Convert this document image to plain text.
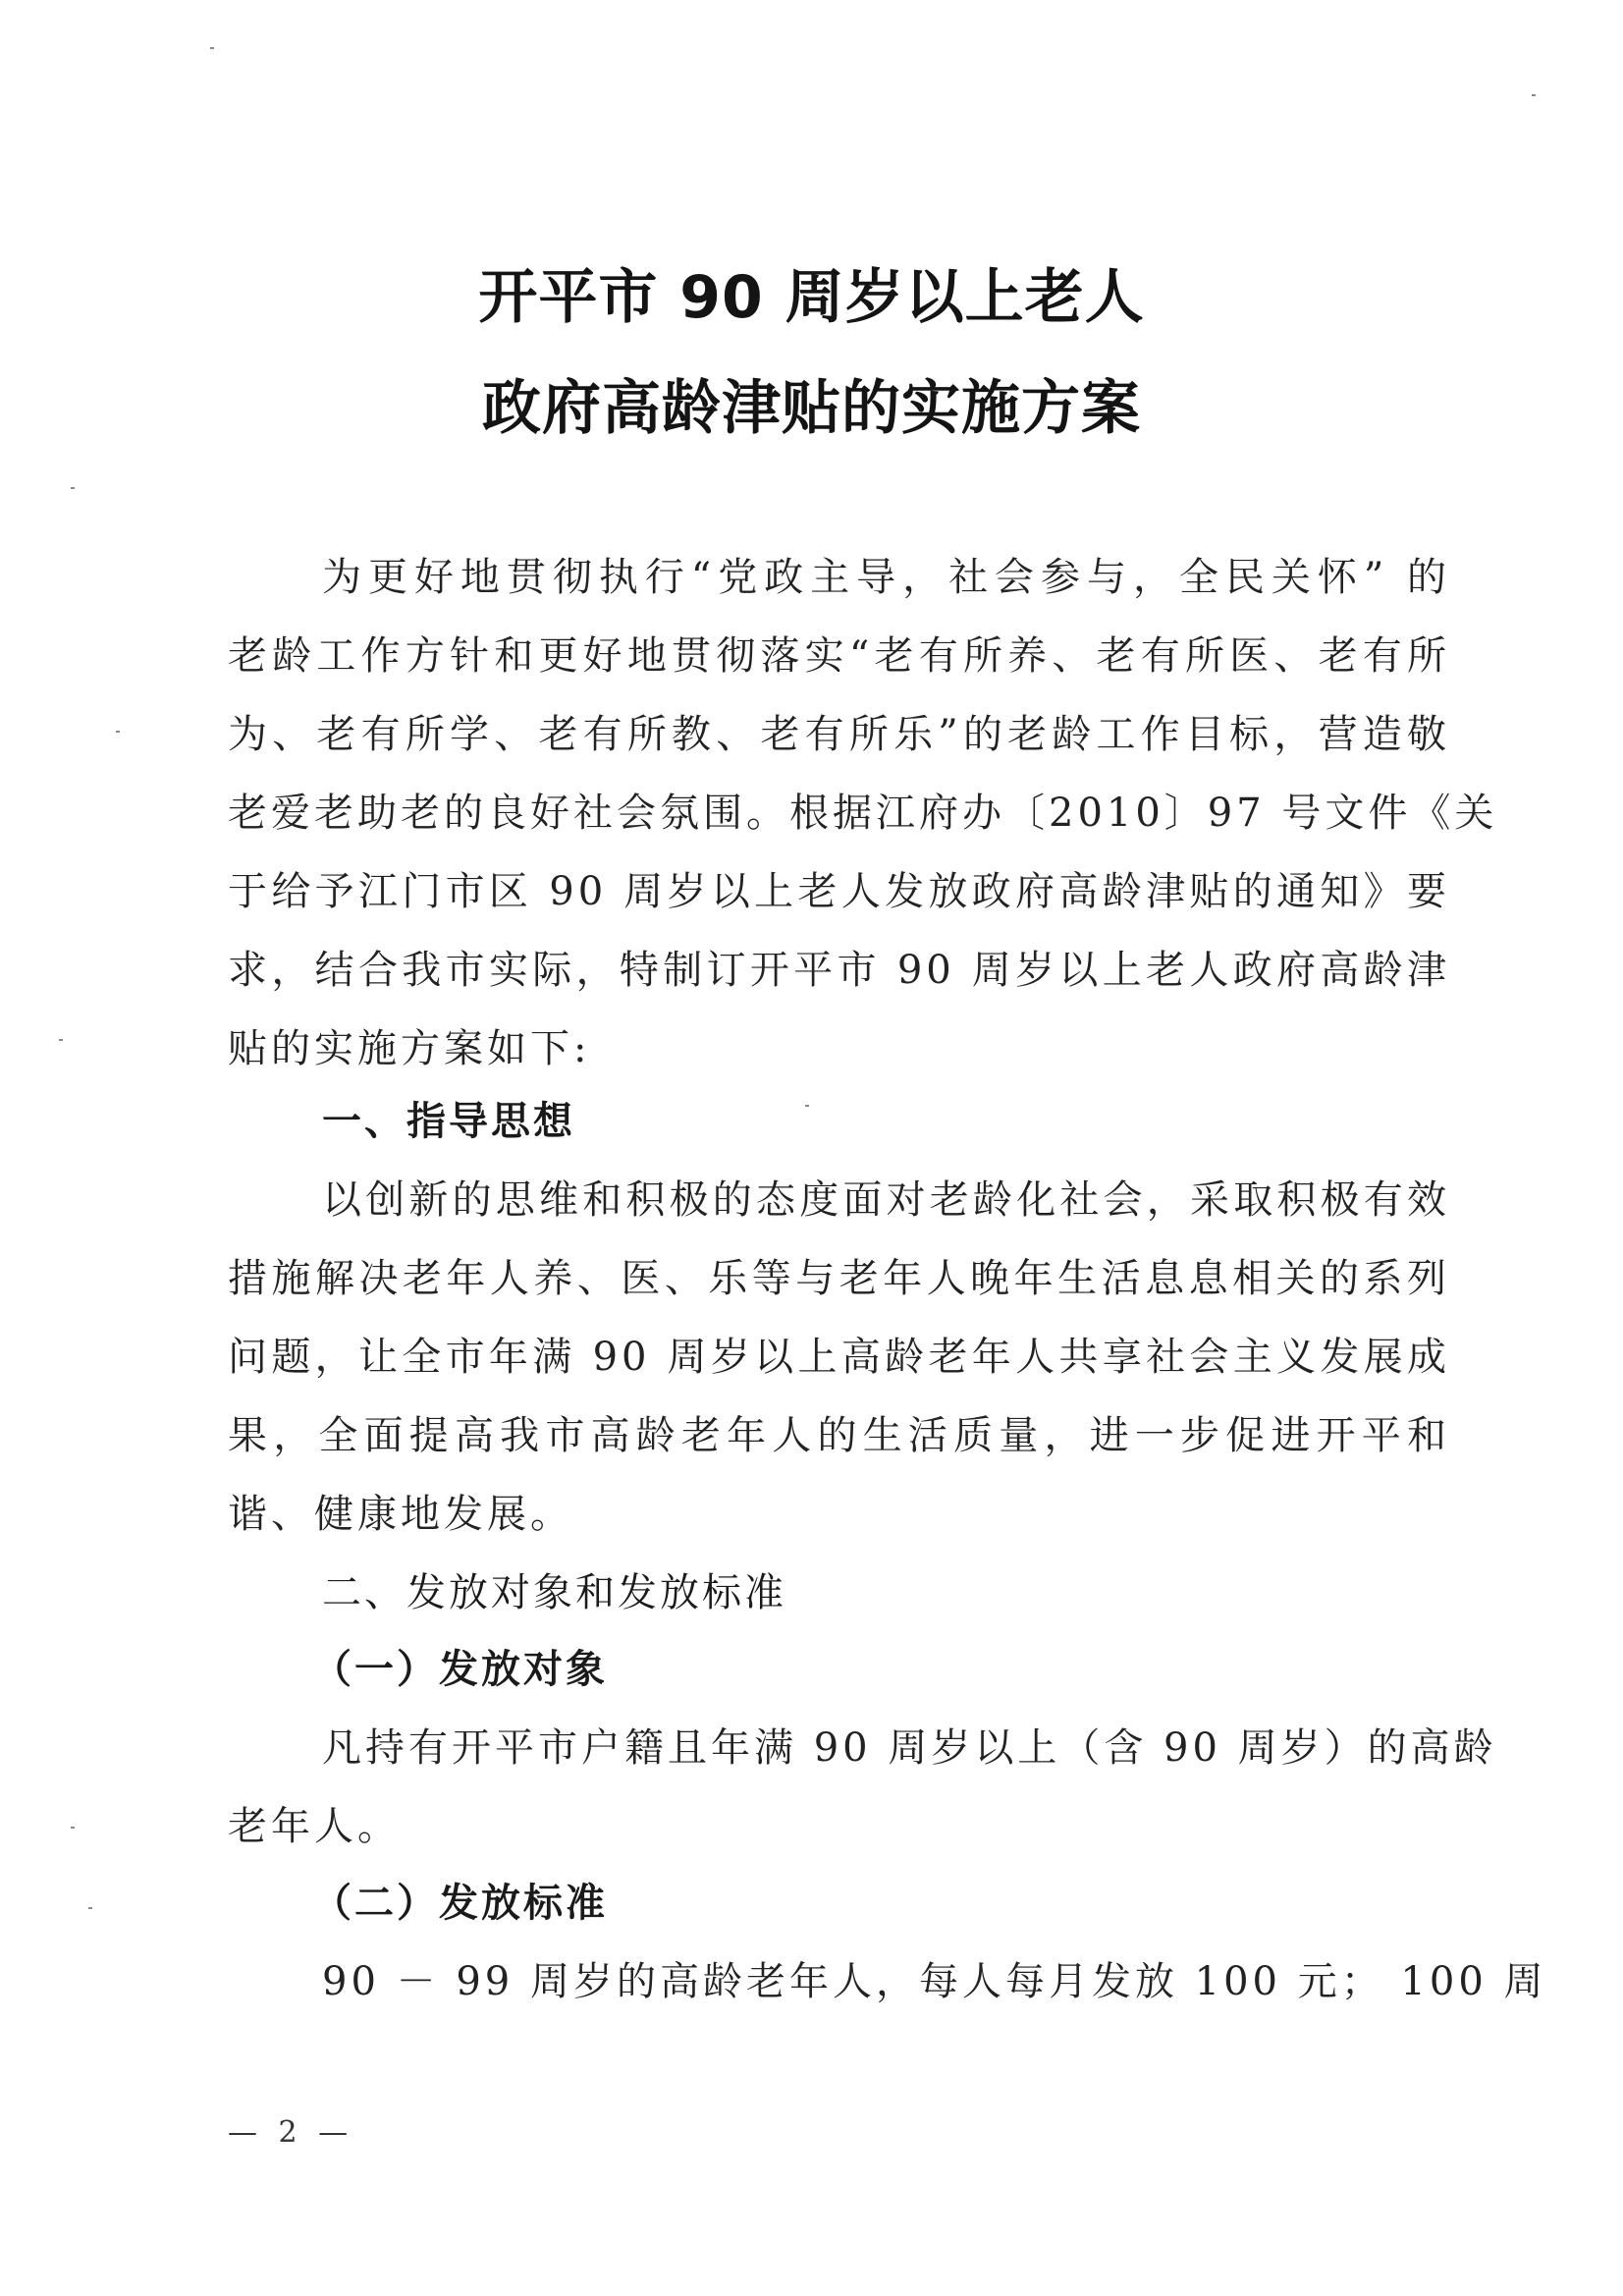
开平市 90 周岁以上老人
政府高龄津贴的实施方案
为更好地贯彻执行“党政主导，社会参与，全民关怀” 的
老龄工作方针和更好地贯彻落实“老有所养、老有所医、老有所
为、老有所学、老有所教、老有所乐”的老龄工作目标，营造敬
老爱老助老的良好社会氛围。根据江府办〔2010〕97 号文件《关
于给予江门市区 90 周岁以上老人发放政府高龄津贴的通知》要
求，结合我市实际，特制订开平市 90 周岁以上老人政府高龄津
贴的实施方案如下:
一、指导思想
以创新的思维和积极的态度面对老龄化社会，采取积极有效
措施解决老年人养、医、乐等与老年人晚年生活息息相关的系列
问题，让全市年满 90 周岁以上高龄老年人共享社会主义发展成
果，全面提高我市高龄老年人的生活质量，进一步促进开平和
谐、健康地发展。
二、发放对象和发放标准
（一）发放对象
凡持有开平市户籍且年满 90 周岁以上（含 90 周岁）的高龄
老年人。
（二）发放标准
90 － 99 周岁的高龄老年人，每人每月发放 100 元； 100 周
— 2 —
